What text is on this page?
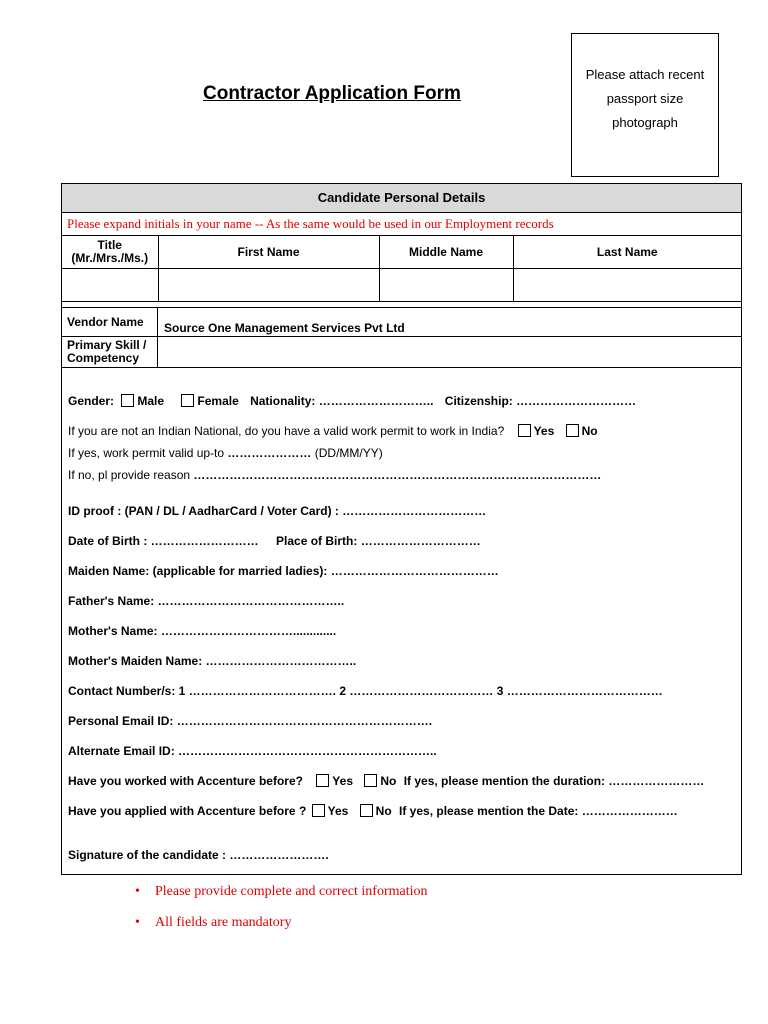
Contractor Application Form
Please attach recent
passport size
photograph
Candidate Personal Details
Please expand initials in your name -- As the same would be used in our Employment records
Title
(Mr./Mrs./Ms.)	First Name	Middle Name	Last Name

Vendor Name	Source One Management Services Pvt Ltd
Primary Skill /
Competency
Gender: Male	Female Nationality: ……………………….. Citizenship: …………………………
If you are not an Indian National, do you have a valid work permit to work in India? Yes No
If yes, work permit valid up-to ………………… (DD/MM/YY)
If no, pl provide reason …………………………………………………………………………………………
ID proof : (PAN / DL / AadharCard / Voter Card) : ………………………………
Date of Birth : ……………………… Place of Birth: …………………………
Maiden Name: (applicable for married ladies): ……………………………………
Father's Name: ………………………………………..
Mother's Name: …………………………….............
Mother's Maiden Name: ………………………………..
Contact Number/s: 1 ………………………………. 2 ……………………………… 3 …………………………………
Personal Email ID: ……………………………………………………….
Alternate Email ID: ………………………………………………………..
Have you worked with Accenture before? Yes No If yes, please mention the duration: ……………………
Have you applied with Accenture before ? Yes No If yes, please mention the Date: ……………………
Signature of the candidate : …………………….
• Please provide complete and correct information
• All fields are mandatory
